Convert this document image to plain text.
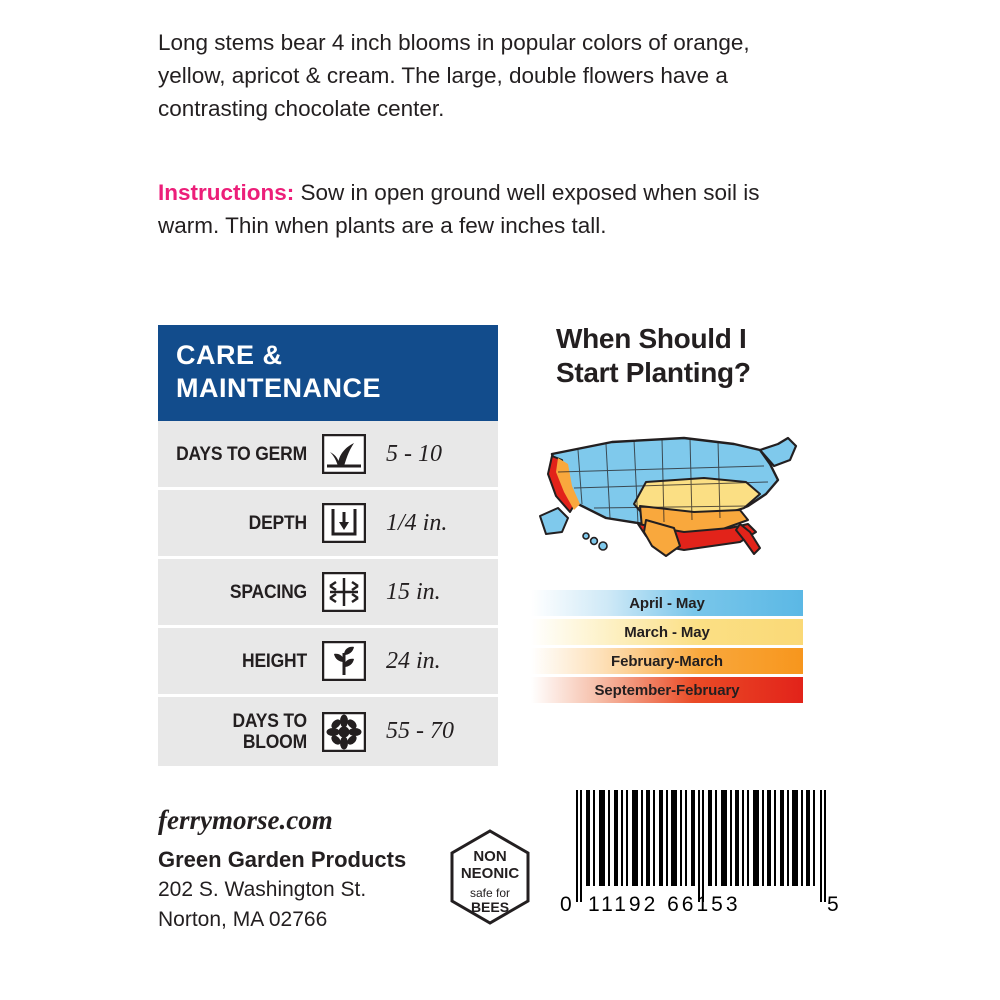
Long stems bear 4 inch blooms in popular colors of orange, yellow, apricot & cream. The large, double flowers have a contrasting chocolate center.
Instructions: Sow in open ground well exposed when soil is warm. Thin when plants are a few inches tall.
CARE & MAINTENANCE
DAYS TO GERM	5 - 10
DEPTH	1/4 in.
SPACING	15 in.
HEIGHT	24 in.
DAYS TO BLOOM	55 - 70
When Should I Start Planting?
April - May
March - May
February-March
September-February
ferrymorse.com
Green Garden Products
202 S. Washington St.
Norton, MA 02766
NON
NEONIC
safe for
BEES 0 11192 66153	5
